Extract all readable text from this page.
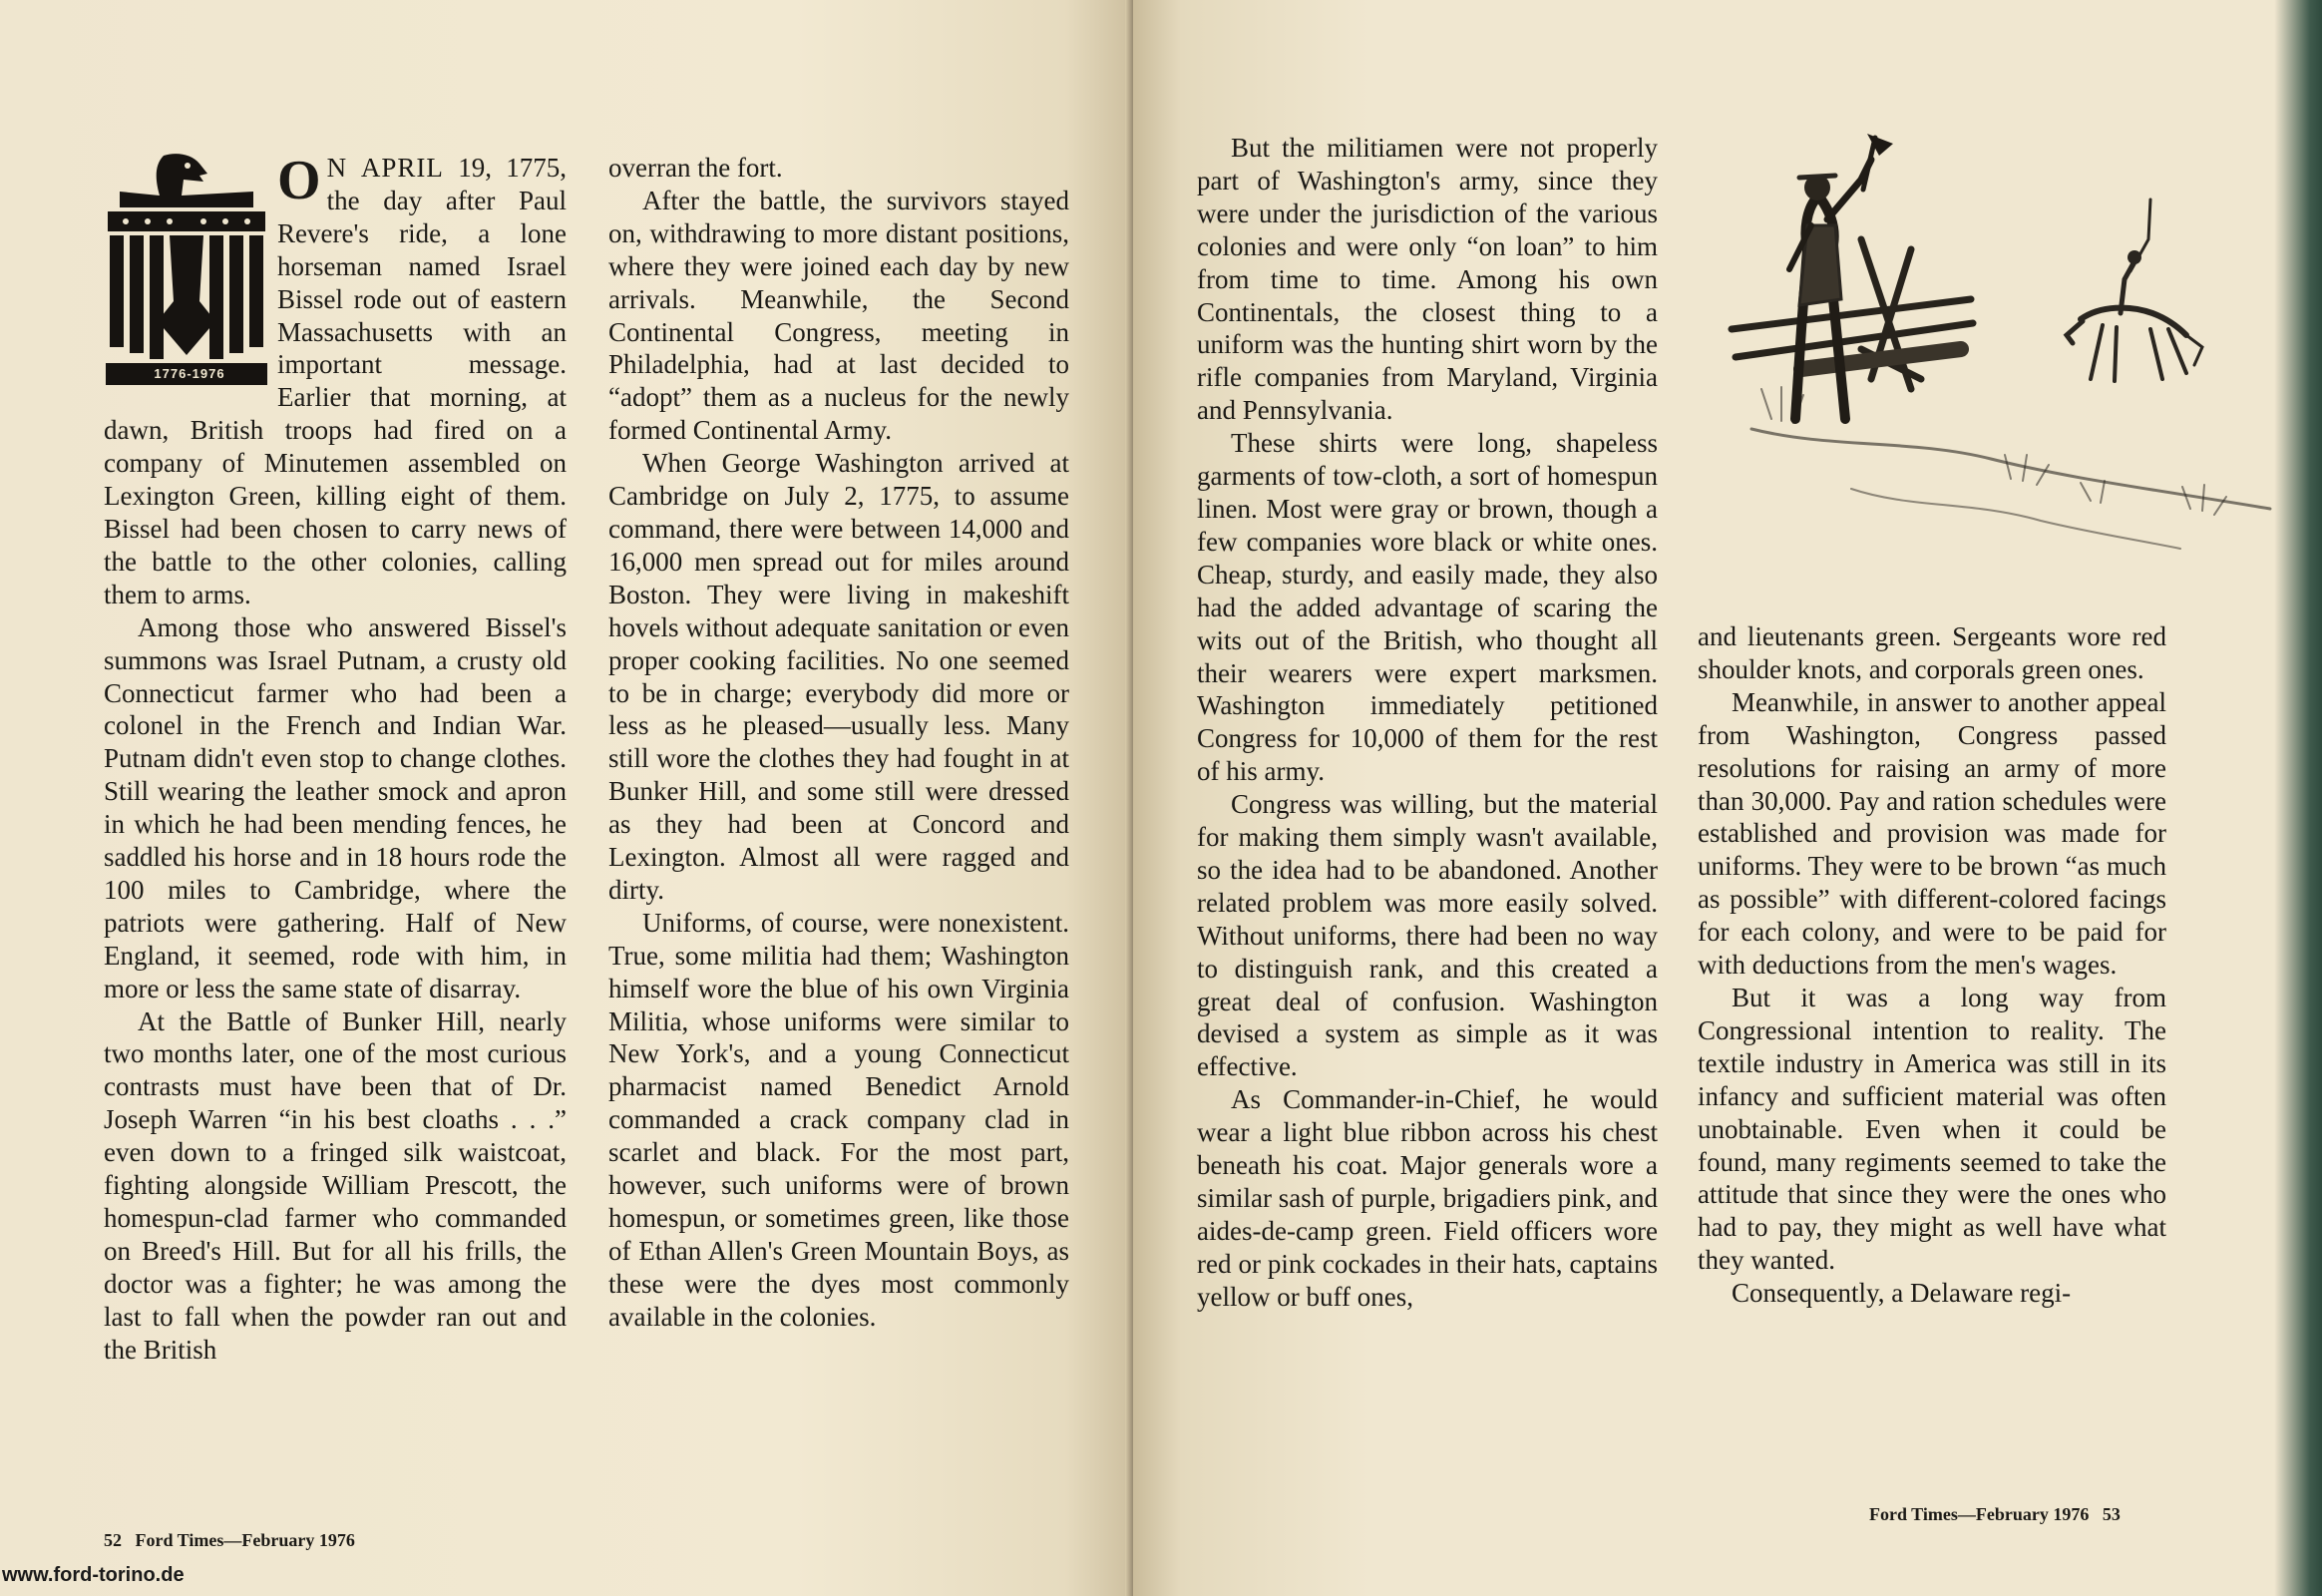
1776-1976

O N APRIL 19, 1775, the day after Paul Revere's ride, a lone horseman named Israel Bissel rode out of eastern Massachusetts with an important message. Earlier that morning, at dawn, British troops had fired on a company of Minutemen assembled on Lexington Green, killing eight of them. Bissel had been chosen to carry news of the battle to the other colonies, calling them to arms.

Among those who answered Bissel's summons was Israel Putnam, a crusty old Connecticut farmer who had been a colonel in the French and Indian War. Putnam didn't even stop to change clothes. Still wearing the leather smock and apron in which he had been mending fences, he saddled his horse and in 18 hours rode the 100 miles to Cambridge, where the patriots were gathering. Half of New England, it seemed, rode with him, in more or less the same state of disarray.

At the Battle of Bunker Hill, nearly two months later, one of the most curious contrasts must have been that of Dr. Joseph Warren “in his best cloaths . . .” even down to a fringed silk waistcoat, fighting alongside William Prescott, the homespun-clad farmer who commanded on Breed's Hill. But for all his frills, the doctor was a fighter; he was among the last to fall when the powder ran out and the British

overran the fort.

After the battle, the survivors stayed on, withdrawing to more distant positions, where they were joined each day by new arrivals. Meanwhile, the Second Continental Congress, meeting in Philadelphia, had at last decided to “adopt” them as a nucleus for the newly formed Continental Army.

When George Washington arrived at Cambridge on July 2, 1775, to assume command, there were between 14,000 and 16,000 men spread out for miles around Boston. They were living in makeshift hovels without adequate sanitation or even proper cooking facilities. No one seemed to be in charge; everybody did more or less as he pleased—usually less. Many still wore the clothes they had fought in at Bunker Hill, and some still were dressed as they had been at Concord and Lexington. Almost all were ragged and dirty.

Uniforms, of course, were nonexistent. True, some militia had them; Washington himself wore the blue of his own Virginia Militia, whose uniforms were similar to New York's, and a young Connecticut pharmacist named Benedict Arnold commanded a crack company clad in scarlet and black. For the most part, however, such uniforms were of brown homespun, or sometimes green, like those of Ethan Allen's Green Mountain Boys, as these were the dyes most commonly available in the colonies.

52   Ford Times—February 1976
www.ford-torino.de

But the militiamen were not properly part of Washington's army, since they were under the jurisdiction of the various colonies and were only “on loan” to him from time to time. Among his own Continentals, the closest thing to a uniform was the hunting shirt worn by the rifle companies from Maryland, Virginia and Pennsylvania.

These shirts were long, shapeless garments of tow-cloth, a sort of homespun linen. Most were gray or brown, though a few companies wore black or white ones. Cheap, sturdy, and easily made, they also had the added advantage of scaring the wits out of the British, who thought all their wearers were expert marksmen. Washington immediately petitioned Congress for 10,000 of them for the rest of his army.

Congress was willing, but the material for making them simply wasn't available, so the idea had to be abandoned. Another related problem was more easily solved. Without uniforms, there had been no way to distinguish rank, and this created a great deal of confusion. Washington devised a system as simple as it was effective.

As Commander-in-Chief, he would wear a light blue ribbon across his chest beneath his coat. Major generals wore a similar sash of purple, brigadiers pink, and aides-de-camp green. Field officers wore red or pink cockades in their hats, captains yellow or buff ones,

and lieutenants green. Sergeants wore red shoulder knots, and corporals green ones.

Meanwhile, in answer to another appeal from Washington, Congress passed resolutions for raising an army of more than 30,000. Pay and ration schedules were established and provision was made for uniforms. They were to be brown “as much as possible” with different-colored facings for each colony, and were to be paid for with deductions from the men's wages.

But it was a long way from Congressional intention to reality. The textile industry in America was still in its infancy and sufficient material was often unobtainable. Even when it could be found, many regiments seemed to take the attitude that since they were the ones who had to pay, they might as well have what they wanted.

Consequently, a Delaware regi-

Ford Times—February 1976   53
